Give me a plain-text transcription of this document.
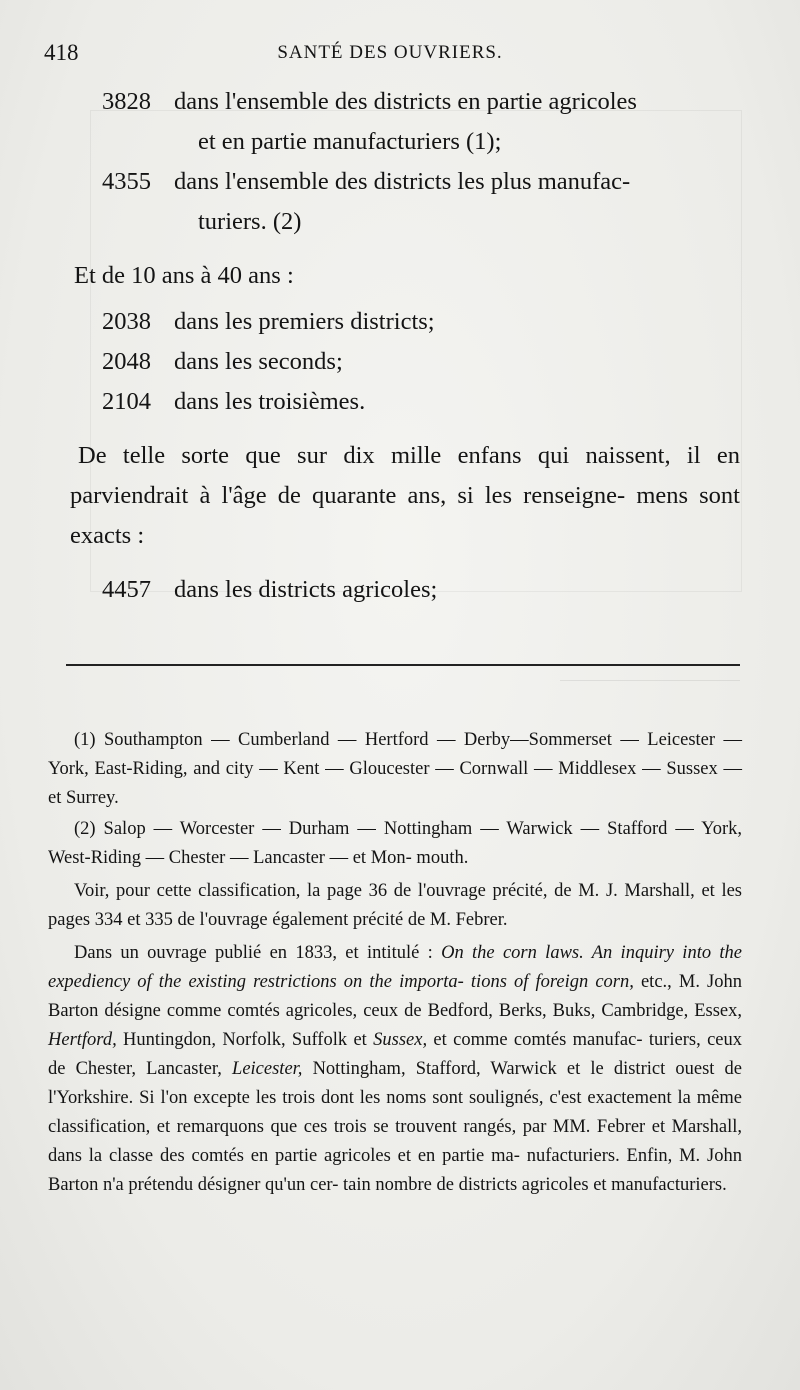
418	SANTÉ DES OUVRIERS.
3828 dans l'ensemble des districts en partie agricoles
et en partie manufacturiers (1);
4355 dans l'ensemble des districts les plus manufac-
turiers. (2)
Et de 10 ans à 40 ans :
2038 dans les premiers districts;
2048 dans les seconds;
2104 dans les troisièmes.

De telle sorte que sur dix mille enfans qui naissent, il en parviendrait à l'âge de quarante ans, si les renseigne- mens sont exacts :

4457 dans les districts agricoles;
(1) Southampton — Cumberland — Hertford — Derby—Sommerset — Leicester — York, East-Riding, and city — Kent — Gloucester — Cornwall — Middlesex — Sussex — et Surrey.
(2) Salop — Worcester — Durham — Nottingham — Warwick — Stafford — York, West-Riding — Chester — Lancaster — et Mon- mouth.
Voir, pour cette classification, la page 36 de l'ouvrage précité, de M. J. Marshall, et les pages 334 et 335 de l'ouvrage également précité de M. Febrer.
Dans un ouvrage publié en 1833, et intitulé : On the corn laws. An inquiry into the expediency of the existing restrictions on the importa- tions of foreign corn, etc., M. John Barton désigne comme comtés agricoles, ceux de Bedford, Berks, Buks, Cambridge, Essex, Hertford, Huntingdon, Norfolk, Suffolk et Sussex, et comme comtés manufac- turiers, ceux de Chester, Lancaster, Leicester, Nottingham, Stafford, Warwick et le district ouest de l'Yorkshire. Si l'on excepte les trois dont les noms sont soulignés, c'est exactement la même classification, et remarquons que ces trois se trouvent rangés, par MM. Febrer et Marshall, dans la classe des comtés en partie agricoles et en partie ma- nufacturiers. Enfin, M. John Barton n'a prétendu désigner qu'un cer- tain nombre de districts agricoles et manufacturiers.
